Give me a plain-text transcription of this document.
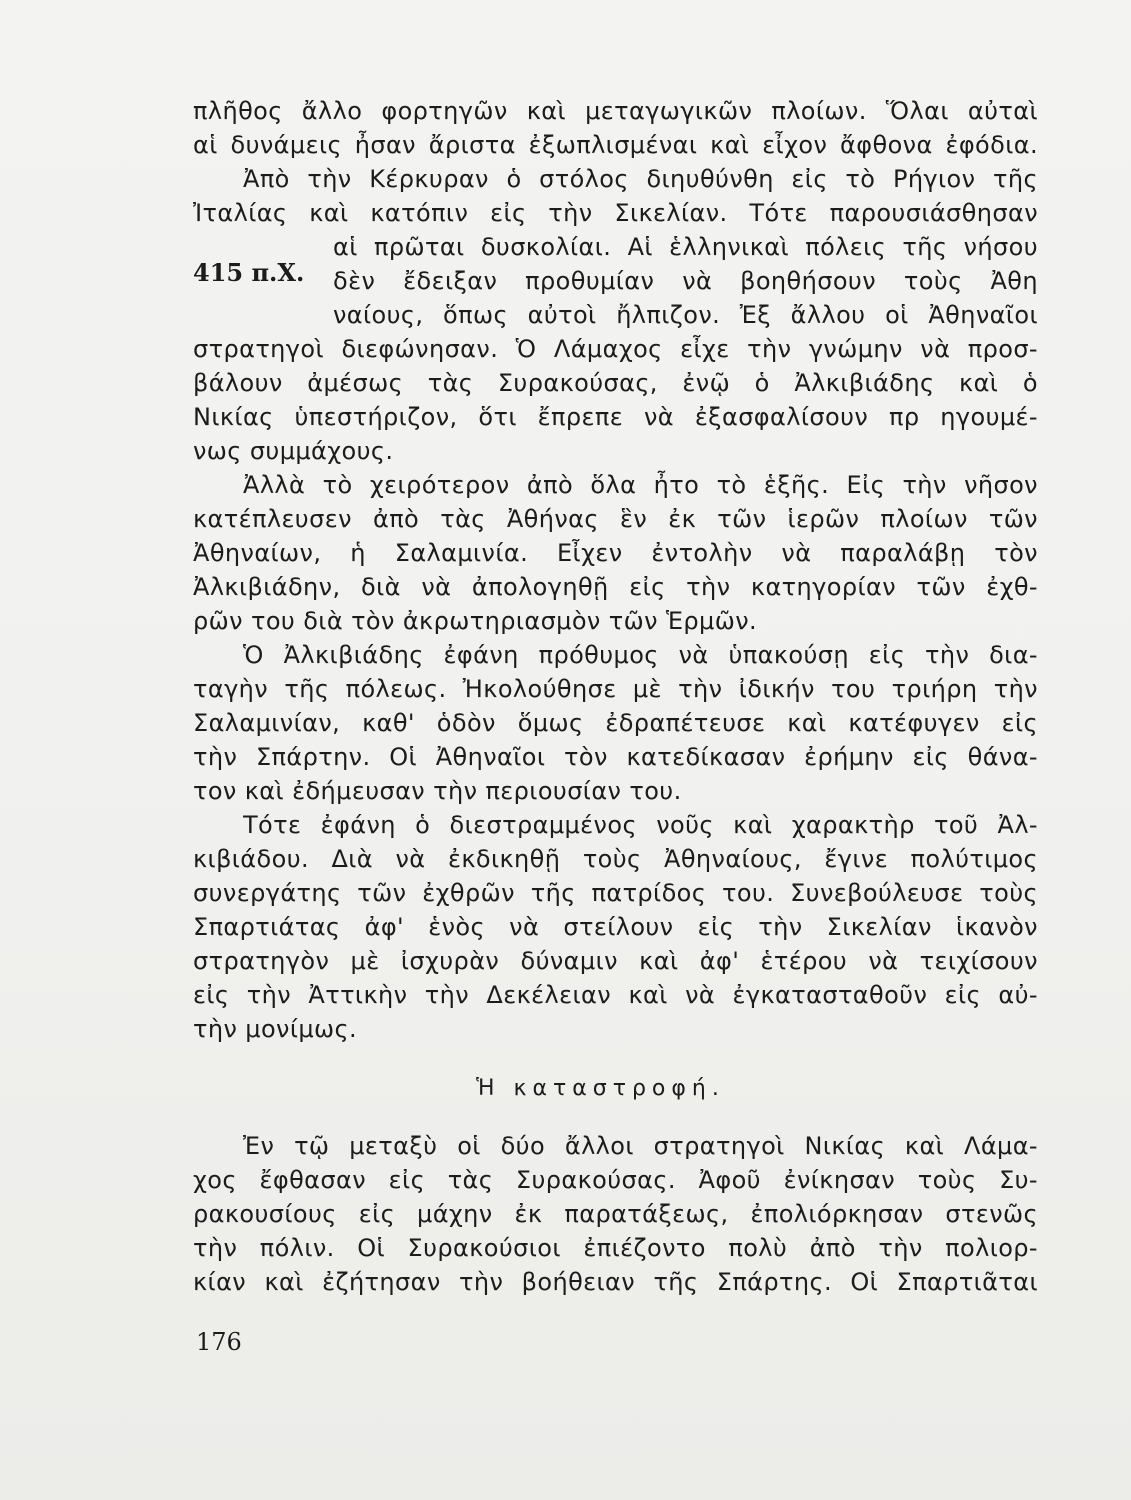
πλῆθος ἄλλο φορτηγῶν καὶ μεταγωγικῶν πλοίων. Ὅλαι αὐταὶ
αἱ δυνάμεις ἦσαν ἄριστα ἐξωπλισμέναι καὶ εἶχον ἄφθονα ἐφόδια.
Ἀπὸ τὴν Κέρκυραν ὁ στόλος διηυθύνθη εἰς τὸ Ρήγιον τῆς
Ἰταλίας καὶ κατόπιν εἰς τὴν Σικελίαν. Τότε παρουσιάσθησαν
αἱ πρῶται δυσκολίαι. Αἱ ἑλληνικαὶ πόλεις τῆς νήσου
δὲν ἔδειξαν προθυμίαν νὰ βοηθήσουν τοὺς Ἀθη
ναίους, ὅπως αὐτοὶ ἤλπιζον. Ἐξ ἄλλου οἱ Ἀθηναῖοι
στρατηγοὶ διεφώνησαν. Ὁ Λάμαχος εἶχε τὴν γνώμην νὰ προσ-
βάλουν ἀμέσως τὰς Συρακούσας, ἐνῷ ὁ Ἀλκιβιάδης καὶ ὁ
Νικίας ὑπεστήριζον, ὅτι ἔπρεπε νὰ ἐξασφαλίσουν πρ ηγουμέ-
νως συμμάχους.
Ἀλλὰ τὸ χειρότερον ἀπὸ ὅλα ἦτο τὸ ἑξῆς. Εἰς τὴν νῆσον
κατέπλευσεν ἀπὸ τὰς Ἀθήνας ἓν ἐκ τῶν ἱερῶν πλοίων τῶν
Ἀθηναίων, ἡ Σαλαμινία. Εἶχεν ἐντολὴν νὰ παραλάβῃ τὸν
Ἀλκιβιάδην, διὰ νὰ ἀπολογηθῇ εἰς τὴν κατηγορίαν τῶν ἐχθ-
ρῶν του διὰ τὸν ἀκρωτηριασμὸν τῶν Ἑρμῶν.
Ὁ Ἀλκιβιάδης ἐφάνη πρόθυμος νὰ ὑπακούσῃ εἰς τὴν δια-
ταγὴν τῆς πόλεως. Ἠκολούθησε μὲ τὴν ἰδικήν του τριήρη τὴν
Σαλαμινίαν, καθ' ὁδὸν ὅμως ἐδραπέτευσε καὶ κατέφυγεν εἰς
τὴν Σπάρτην. Οἱ Ἀθηναῖοι τὸν κατεδίκασαν ἐρήμην εἰς θάνα-
τον καὶ ἐδήμευσαν τὴν περιουσίαν του.
Τότε ἐφάνη ὁ διεστραμμένος νοῦς καὶ χαρακτὴρ τοῦ Ἀλ-
κιβιάδου. Διὰ νὰ ἐκδικηθῇ τοὺς Ἀθηναίους, ἔγινε πολύτιμος
συνεργάτης τῶν ἐχθρῶν τῆς πατρίδος του. Συνεβούλευσε τοὺς
Σπαρτιάτας ἀφ' ἑνὸς νὰ στείλουν εἰς τὴν Σικελίαν ἱκανὸν
στρατηγὸν μὲ ἰσχυρὰν δύναμιν καὶ ἀφ' ἑτέρου νὰ τειχίσουν
εἰς τὴν Ἀττικὴν τὴν Δεκέλειαν καὶ νὰ ἐγκατασταθοῦν εἰς αὐ-
τὴν μονίμως.
415 π.Χ.
Ἡ καταστροφή.
Ἐν τῷ μεταξὺ οἱ δύο ἄλλοι στρατηγοὶ Νικίας καὶ Λάμα-
χος ἔφθασαν εἰς τὰς Συρακούσας. Ἀφοῦ ἐνίκησαν τοὺς Συ-
ρακουσίους εἰς μάχην ἐκ παρατάξεως, ἐπολιόρκησαν στενῶς
τὴν πόλιν. Οἱ Συρακούσιοι ἐπιέζοντο πολὺ ἀπὸ τὴν πολιορ-
κίαν καὶ ἐζήτησαν τὴν βοήθειαν τῆς Σπάρτης. Οἱ Σπαρτιᾶται
176
